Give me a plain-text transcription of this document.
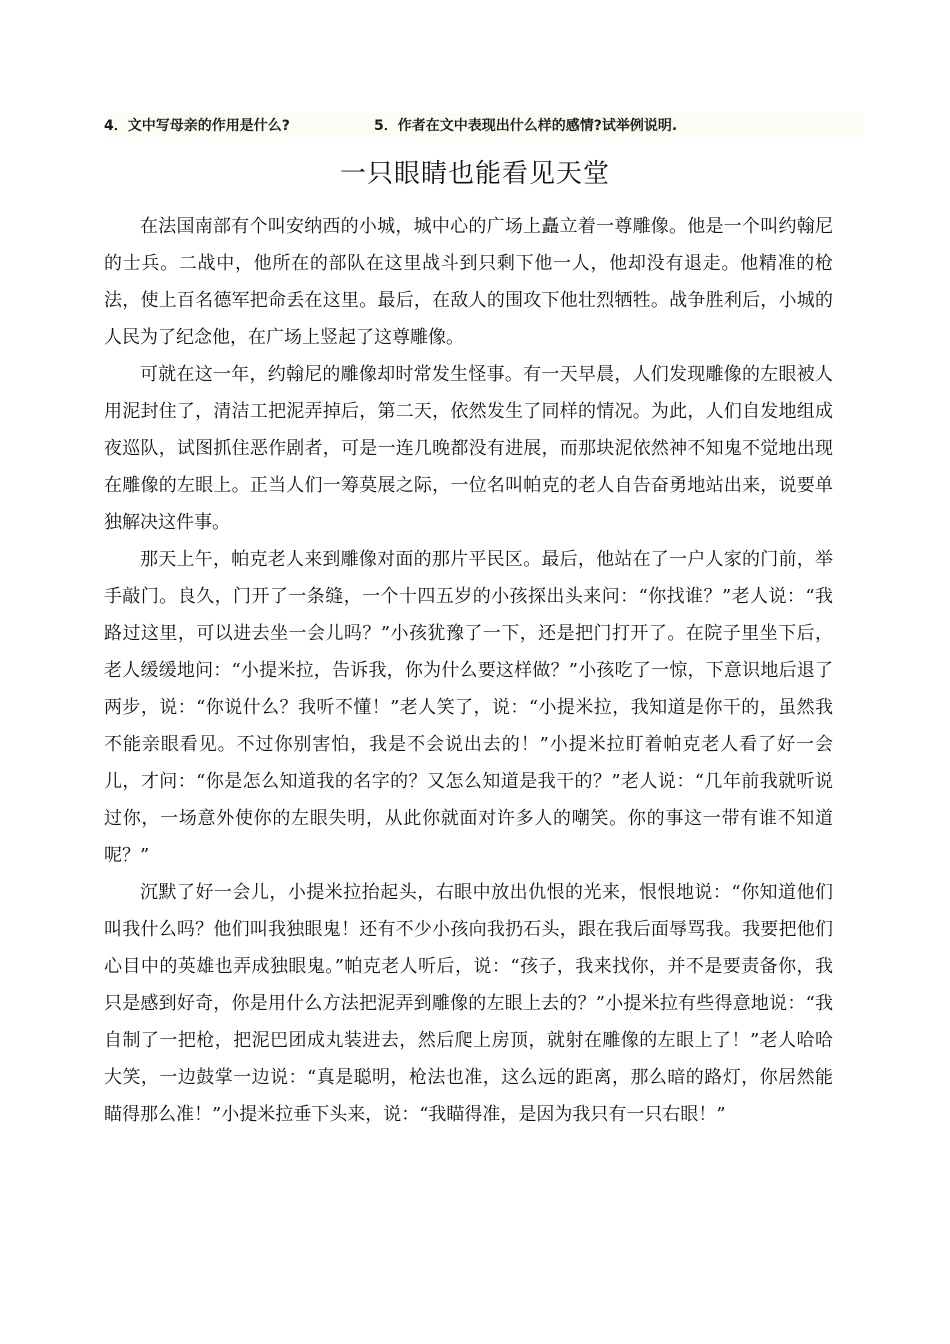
4．文中写母亲的作用是什么?	5．作者在文中表现出什么样的感情?试举例说明.
一只眼睛也能看见天堂

在法国南部有个叫安纳西的小城，城中心的广场上矗立着一尊雕像。他是一个叫约翰尼的士兵。二战中，他所在的部队在这里战斗到只剩下他一人，他却没有退走。他精准的枪法，使上百名德军把命丢在这里。最后，在敌人的围攻下他壮烈牺牲。战争胜利后，小城的人民为了纪念他，在广场上竖起了这尊雕像。

可就在这一年，约翰尼的雕像却时常发生怪事。有一天早晨，人们发现雕像的左眼被人用泥封住了，清洁工把泥弄掉后，第二天，依然发生了同样的情况。为此，人们自发地组成夜巡队，试图抓住恶作剧者，可是一连几晚都没有进展，而那块泥依然神不知鬼不觉地出现在雕像的左眼上。正当人们一筹莫展之际，一位名叫帕克的老人自告奋勇地站出来，说要单独解决这件事。

那天上午，帕克老人来到雕像对面的那片平民区。最后，他站在了一户人家的门前，举手敲门。良久，门开了一条缝，一个十四五岁的小孩探出头来问：“你找谁？”老人说：“我路过这里，可以进去坐一会儿吗？”小孩犹豫了一下，还是把门打开了。在院子里坐下后，老人缓缓地问：“小提米拉，告诉我，你为什么要这样做？”小孩吃了一惊，下意识地后退了两步，说：“你说什么？我听不懂！”老人笑了，说：“小提米拉，我知道是你干的，虽然我不能亲眼看见。不过你别害怕，我是不会说出去的！”小提米拉盯着帕克老人看了好一会儿，才问：“你是怎么知道我的名字的？又怎么知道是我干的？”老人说：“几年前我就听说过你，一场意外使你的左眼失明，从此你就面对许多人的嘲笑。你的事这一带有谁不知道呢？”

沉默了好一会儿，小提米拉抬起头，右眼中放出仇恨的光来，恨恨地说：“你知道他们叫我什么吗？他们叫我独眼鬼！还有不少小孩向我扔石头，跟在我后面辱骂我。我要把他们心目中的英雄也弄成独眼鬼。”帕克老人听后，说：“孩子，我来找你，并不是要责备你，我只是感到好奇，你是用什么方法把泥弄到雕像的左眼上去的？”小提米拉有些得意地说：“我自制了一把枪，把泥巴团成丸装进去，然后爬上房顶，就射在雕像的左眼上了！”老人哈哈大笑，一边鼓掌一边说：“真是聪明，枪法也准，这么远的距离，那么暗的路灯，你居然能瞄得那么准！”小提米拉垂下头来，说：“我瞄得准，是因为我只有一只右眼！”
